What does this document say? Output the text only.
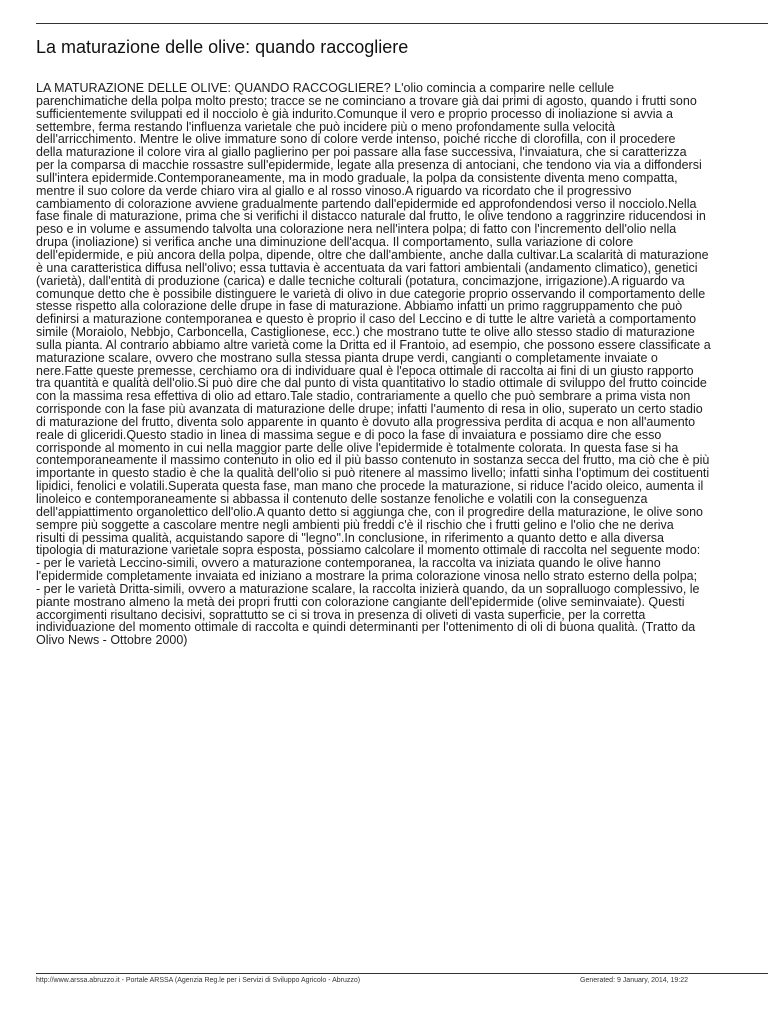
La maturazione delle olive: quando raccogliere

LA MATURAZIONE DELLE OLIVE: QUANDO RACCOGLIERE? L'olio comincia a comparire nelle cellule
parenchimatiche della polpa molto presto; tracce se ne cominciano a trovare già dai primi di agosto, quando i frutti sono
sufficientemente sviluppati ed il nocciolo è già indurito.Comunque il vero e proprio processo di inoliazione si avvia a
settembre, ferma restando l'influenza varietale che può incidere più o meno profondamente sulla velocità
dell'arricchimento. Mentre le olive immature sono di colore verde intenso, poiché ricche di clorofilla, con il procedere
della maturazione il colore vira al giallo paglierino per poi passare alla fase successiva, l'invaiatura, che si caratterizza
per la comparsa di macchie rossastre sull'epidermide, legate alla presenza di antociani, che tendono via via a diffondersi
sull'intera epidermide.Contemporaneamente, ma in modo graduale, la polpa da consistente diventa meno compatta,
mentre il suo colore da verde chiaro vira al giallo e al rosso vinoso.A riguardo va ricordato che il progressivo
cambiamento di colorazione avviene gradualmente partendo dall'epidermide ed approfondendosi verso il nocciolo.Nella
fase finale di maturazione, prima che si verifichi il distacco naturale dal frutto, le olive tendono a raggrinzire riducendosi in
peso e in volume e assumendo talvolta una colorazione nera nell'intera polpa; di fatto con l'incremento dell'olio nella
drupa (inoliazione) si verifica anche una diminuzione dell'acqua. Il comportamento, sulla variazione di colore
dell'epidermide, e più ancora della polpa, dipende, oltre che dall'ambiente, anche dalla cultivar.La scalarità di maturazione
è una caratteristica diffusa nell'olivo; essa tuttavia è accentuata da vari fattori ambientali (andamento climatico), genetici
(varietà), dall'entità di produzione (carica) e dalle tecniche colturali (potatura, concimazjone, irrigazione).A riguardo va
comunque detto che è possibile distinguere le varietà di olivo in due categorie proprio osservando il comportamento delle
stesse rispetto alla colorazione delle drupe in fase di maturazione. Abbiamo infatti un primo raggruppamento che può
definirsi a maturazione contemporanea e questo è proprio il caso del Leccino e di tutte le altre varietà a comportamento
simile (Moraiolo, Nebbjo, Carboncella, Castiglionese, ecc.) che mostrano tutte te olive allo stesso stadio di maturazione
sulla pianta. Al contrario abbiamo altre varietà come la Dritta ed il Frantoio, ad esempio, che possono essere classificate a
maturazione scalare, ovvero che mostrano sulla stessa pianta drupe verdi, cangianti o completamente invaiate o
nere.Fatte queste premesse, cerchiamo ora di individuare qual è l'epoca ottimale di raccolta ai fini di un giusto rapporto
tra quantità e qualità dell'olio.Si può dire che dal punto di vista quantitativo lo stadio ottimale di sviluppo del frutto coincide
con la massima resa effettiva di olio ad ettaro.Tale stadio, contrariamente a quello che può sembrare a prima vista non
corrisponde con la fase più avanzata di maturazione delle drupe; infatti l'aumento di resa in olio, superato un certo stadio
di maturazione del frutto, diventa solo apparente in quanto è dovuto alla progressiva perdita di acqua e non all'aumento
reale di gliceridi.Questo stadio in linea di massima segue e di poco la fase di invaiatura e possiamo dire che esso
corrisponde al momento in cui nella maggior parte delle olive l'epidermide è totalmente colorata. In questa fase si ha
contemporaneamente il massimo contenuto in olio ed il più basso contenuto in sostanza secca del frutto, ma ciò che è più
importante in questo stadio è che la qualità dell'olio si può ritenere al massimo livello; infatti sinha l'optimum dei costituenti
lipidici, fenolici e volatili.Superata questa fase, man mano che procede la maturazione, si riduce l'acido oleico, aumenta il
linoleico e contemporaneamente si abbassa il contenuto delle sostanze fenoliche e volatili con la conseguenza
dell'appiattimento organolettico dell'olio.A quanto detto si aggiunga che, con il progredire della maturazione, le olive sono
sempre più soggette a cascolare mentre negli ambienti più freddi c'è il rischio che i frutti gelino e l'olio che ne deriva
risulti di pessima qualità, acquistando sapore di "legno".In conclusione, in riferimento a quanto detto e alla diversa
tipologia di maturazione varietale sopra esposta, possiamo calcolare il momento ottimale di raccolta nel seguente modo:
- per le varietà Leccino-simili, ovvero a maturazione contemporanea, la raccolta va iniziata quando le olive hanno
l'epidermide completamente invaiata ed iniziano a mostrare la prima colorazione vinosa nello strato esterno della polpa;
- per le varietà Dritta-simili, ovvero a maturazione scalare, la raccolta inizierà quando, da un sopralluogo complessivo, le
piante mostrano almeno la metà dei propri frutti con colorazione cangiante dell'epidermide (olive seminvaiate). Questi
accorgimenti risultano decisivi, soprattutto se ci si trova in presenza di oliveti di vasta superficie, per la corretta
individuazione del momento ottimale di raccolta e quindi determinanti per l'ottenimento di oli di buona qualità. (Tratto da
Olivo News - Ottobre 2000)

http://www.arssa.abruzzo.it - Portale ARSSA (Agenzia Reg.le per i Servizi di Sviluppo Agricolo - Abruzzo)	Generated: 9 January, 2014, 19:22
